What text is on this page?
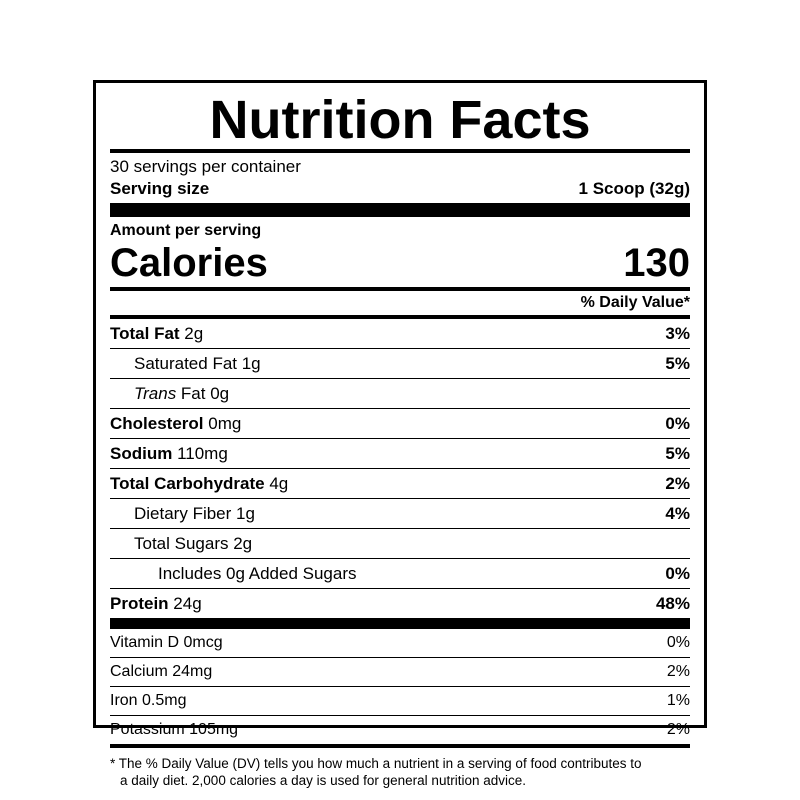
Nutrition Facts
30 servings per container
Serving size	1 Scoop (32g)
Amount per serving
Calories	130
% Daily Value*
Total Fat 2g	3%
Saturated Fat 1g	5%
Trans Fat 0g
Cholesterol 0mg	0%
Sodium 110mg	5%
Total Carbohydrate 4g	2%
Dietary Fiber 1g	4%
Total Sugars 2g
Includes 0g Added Sugars	0%
Protein 24g	48%
Vitamin D 0mcg	0%
Calcium 24mg	2%
Iron 0.5mg	1%
Potassium 105mg	2%
* The % Daily Value (DV) tells you how much a nutrient in a serving of food contributes to
a daily diet. 2,000 calories a day is used for general nutrition advice.
